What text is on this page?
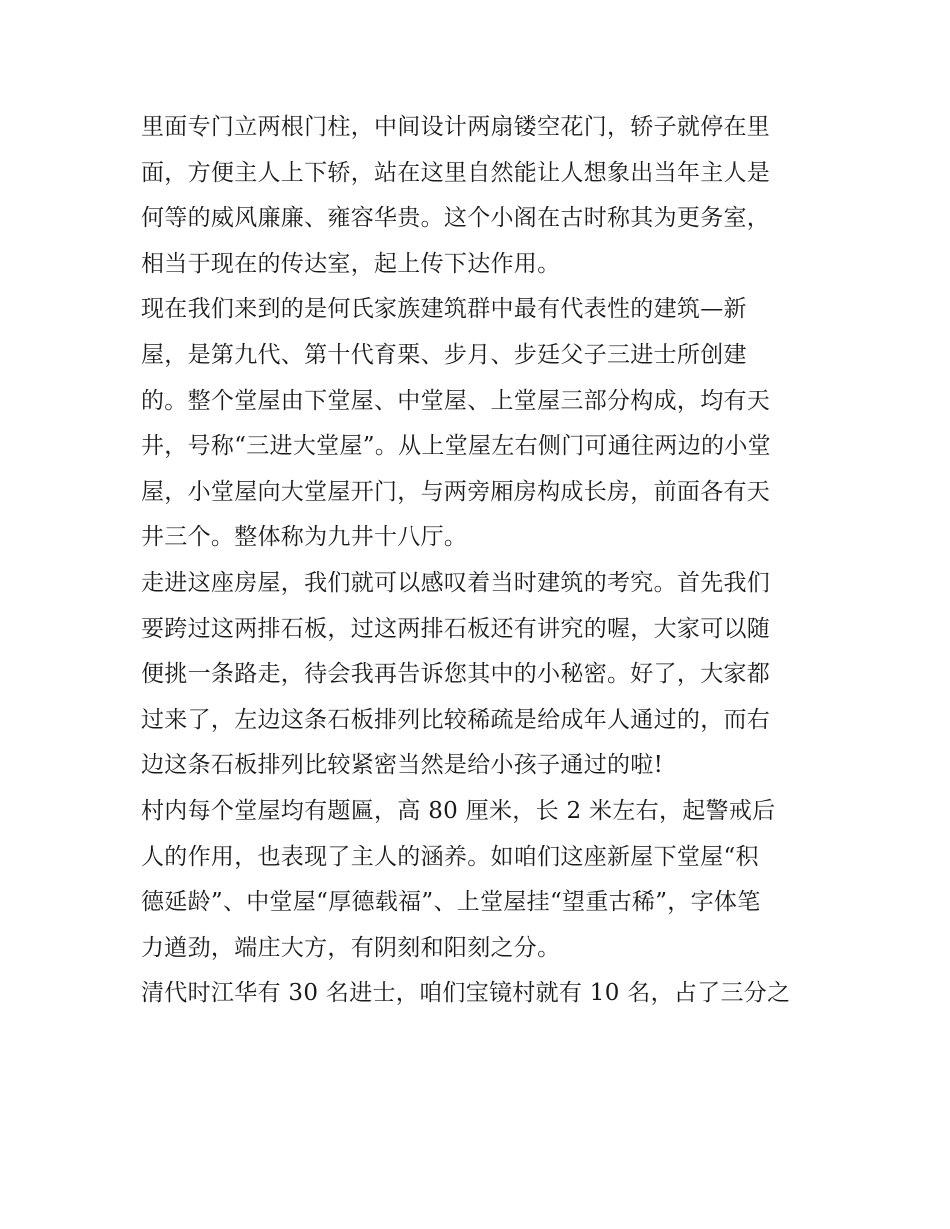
里面专门立两根门柱，中间设计两扇镂空花门，轿子就停在里
面，方便主人上下轿，站在这里自然能让人想象出当年主人是
何等的威风廉廉、雍容华贵。这个小阁在古时称其为更务室，
相当于现在的传达室，起上传下达作用。
现在我们来到的是何氏家族建筑群中最有代表性的建筑—新
屋，是第九代、第十代育栗、步月、步廷父子三进士所创建
的。整个堂屋由下堂屋、中堂屋、上堂屋三部分构成，均有天
井，号称“三进大堂屋”。从上堂屋左右侧门可通往两边的小堂
屋，小堂屋向大堂屋开门，与两旁厢房构成长房，前面各有天
井三个。整体称为九井十八厅。
走进这座房屋，我们就可以感叹着当时建筑的考究。首先我们
要跨过这两排石板，过这两排石板还有讲究的喔，大家可以随
便挑一条路走，待会我再告诉您其中的小秘密。好了，大家都
过来了，左边这条石板排列比较稀疏是给成年人通过的，而右
边这条石板排列比较紧密当然是给小孩子通过的啦!
村内每个堂屋均有题匾，高 80 厘米，长 2 米左右，起警戒后
人的作用，也表现了主人的涵养。如咱们这座新屋下堂屋“积
德延龄”、中堂屋“厚德载福”、上堂屋挂“望重古稀”，字体笔
力遒劲，端庄大方，有阴刻和阳刻之分。
清代时江华有 30 名进士，咱们宝镜村就有 10 名，占了三分之
